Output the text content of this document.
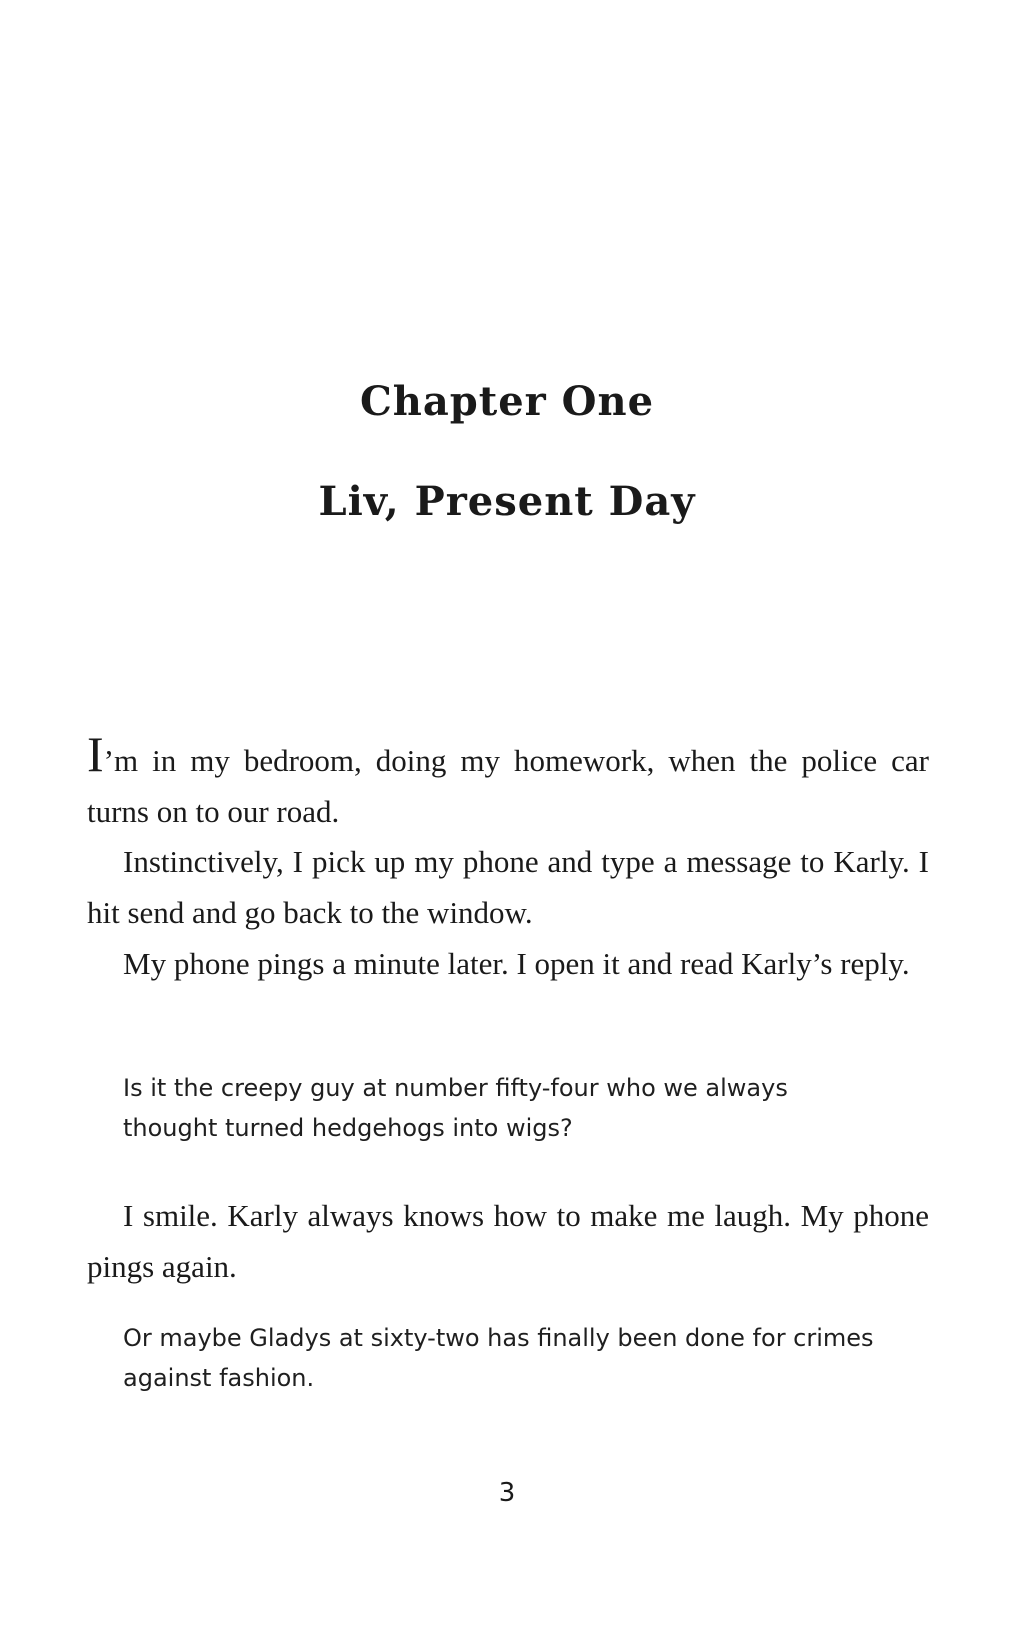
Chapter One
Liv, Present Day

I’m in my bedroom, doing my homework, when the police car turns on to our road.

Instinctively, I pick up my phone and type a message to Karly. I hit send and go back to the window.

My phone pings a minute later. I open it and read Karly’s reply.

Is it the creepy guy at number fifty-four who we always thought turned hedgehogs into wigs?

I smile. Karly always knows how to make me laugh. My phone pings again.

Or maybe Gladys at sixty-two has finally been done for crimes against fashion.

3
